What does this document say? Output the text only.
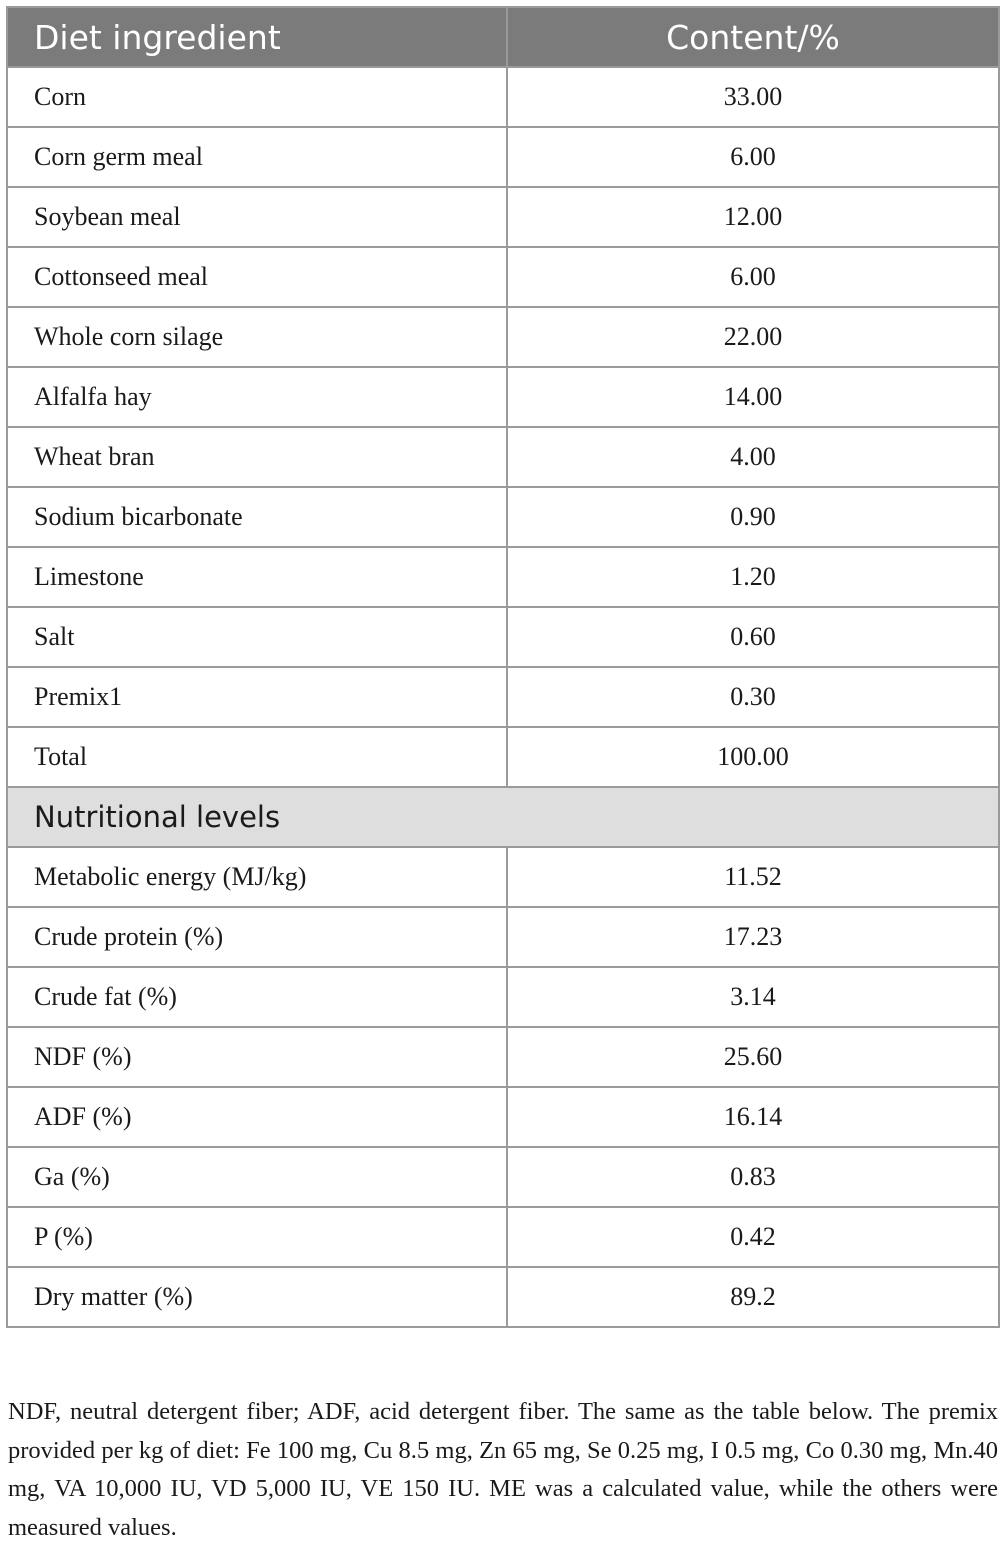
Diet ingredient	Content/%
Corn	33.00
Corn germ meal	6.00
Soybean meal	12.00
Cottonseed meal	6.00
Whole corn silage	22.00
Alfalfa hay	14.00
Wheat bran	4.00
Sodium bicarbonate	0.90
Limestone	1.20
Salt	0.60
Premix1	0.30
Total	100.00
Nutritional levels	
Metabolic energy (MJ/kg)	11.52
Crude protein (%)	17.23
Crude fat (%)	3.14
NDF (%)	25.60
ADF (%)	16.14
Ga (%)	0.83
P (%)	0.42
Dry matter (%)	89.2

NDF, neutral detergent fiber; ADF, acid detergent fiber. The same as the table below. The premix provided per kg of diet: Fe 100 mg, Cu 8.5 mg, Zn 65 mg, Se 0.25 mg, I 0.5 mg, Co 0.30 mg, Mn.40 mg, VA 10,000 IU, VD 5,000 IU, VE 150 IU. ME was a calculated value, while the others were measured values.
